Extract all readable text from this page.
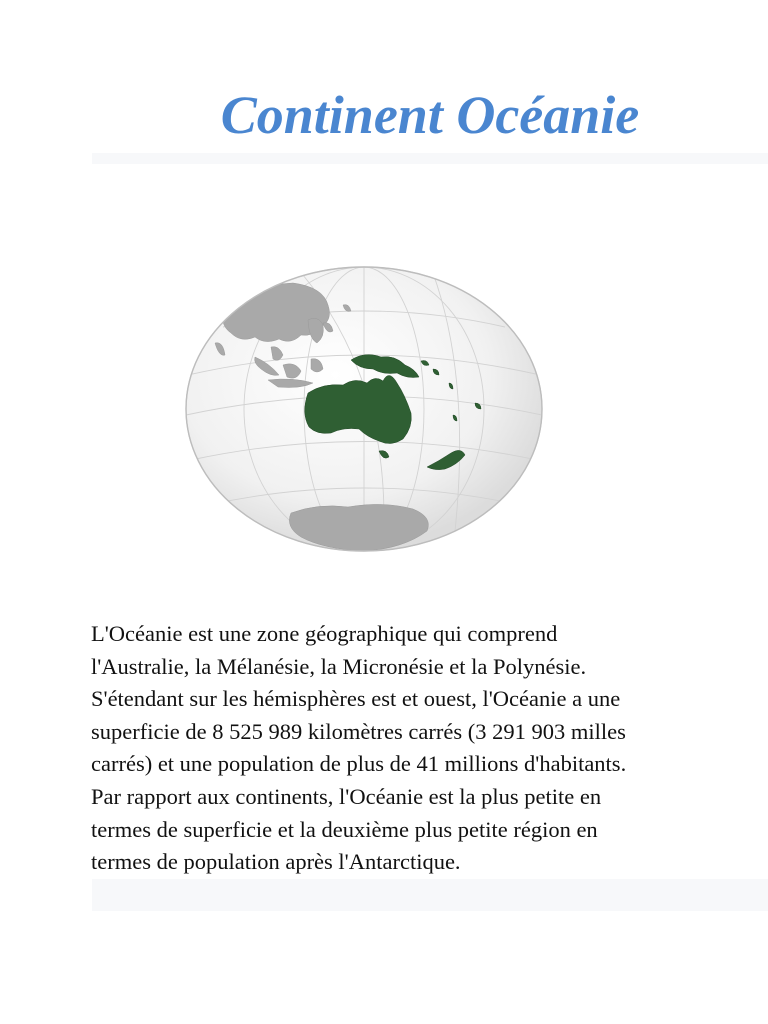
Continent Océanie
L'Océanie est une zone géographique qui comprend
l'Australie, la Mélanésie, la Micronésie et la Polynésie.
S'étendant sur les hémisphères est et ouest, l'Océanie a une
superficie de 8 525 989 kilomètres carrés (3 291 903 milles
carrés) et une population de plus de 41 millions d'habitants.
Par rapport aux continents, l'Océanie est la plus petite en
termes de superficie et la deuxième plus petite région en
termes de population après l'Antarctique.
